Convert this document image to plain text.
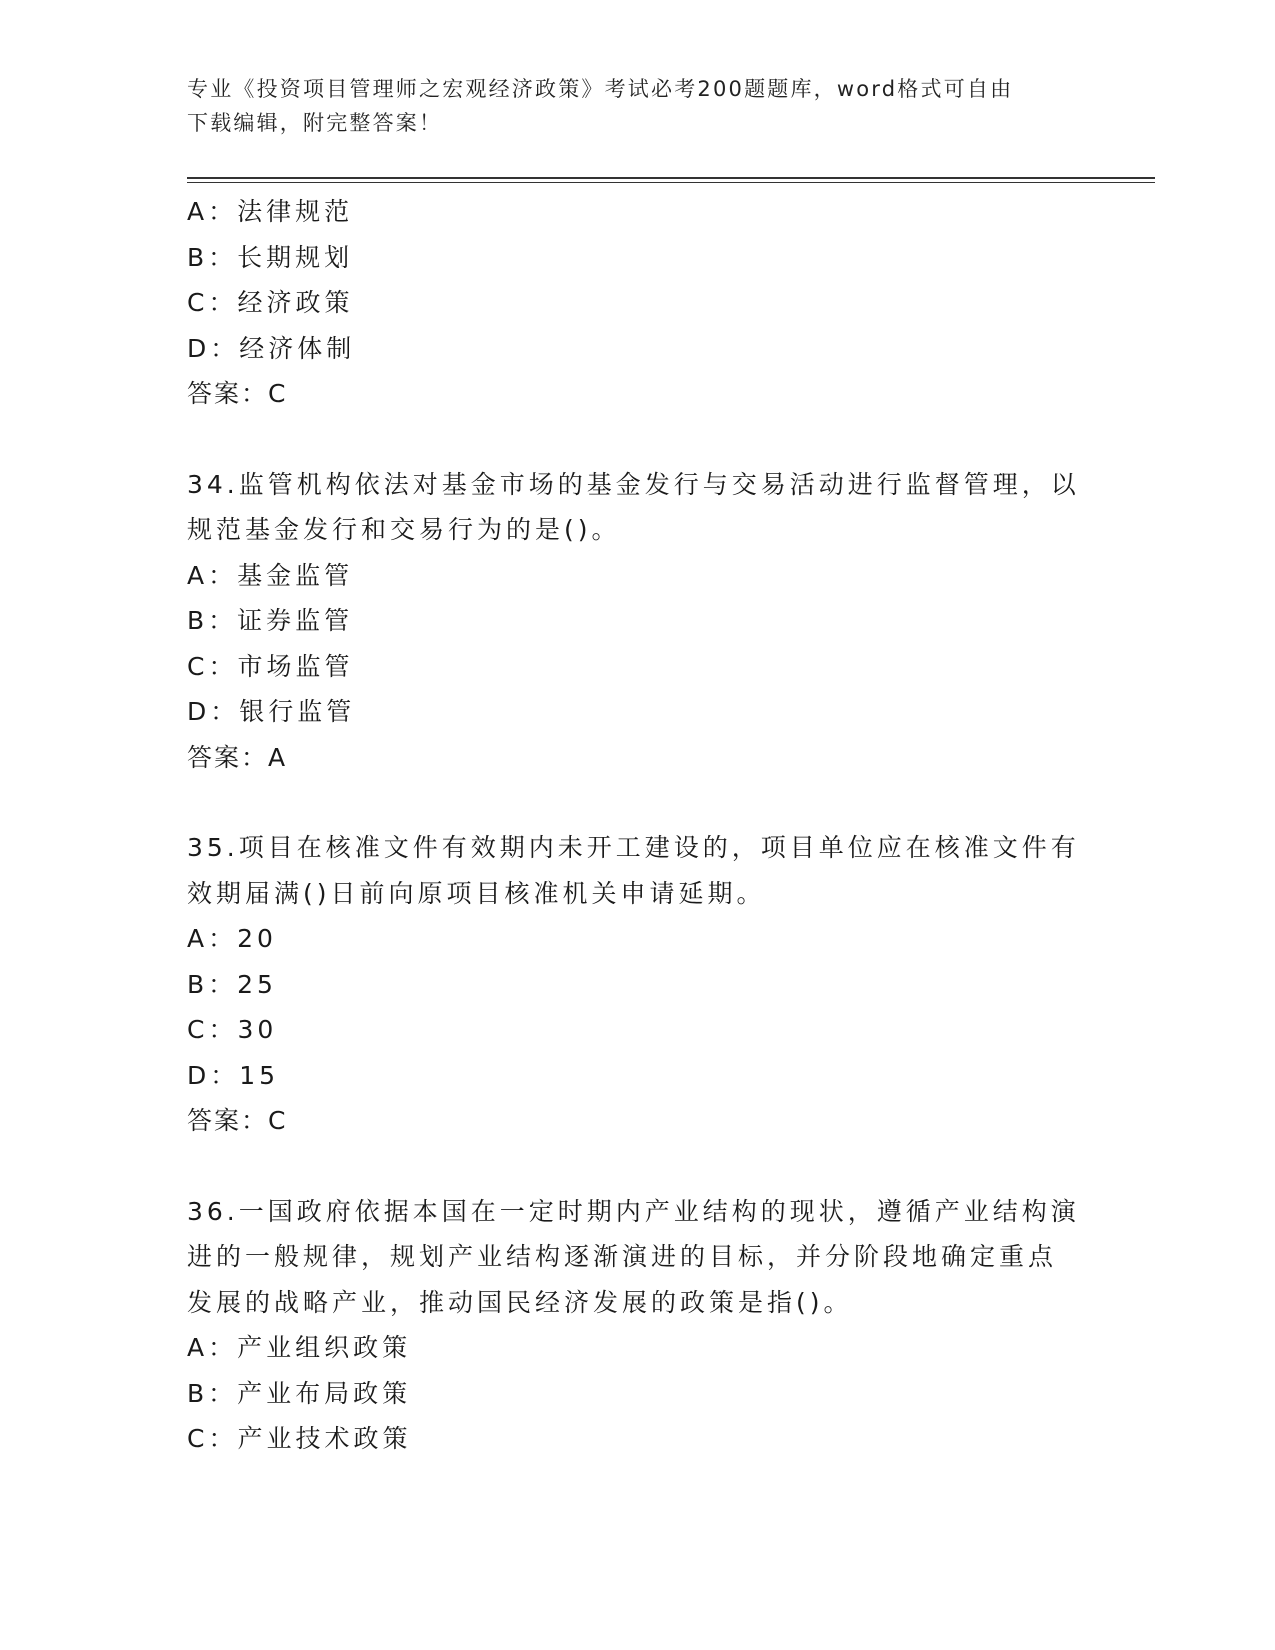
专业《投资项目管理师之宏观经济政策》考试必考200题题库，word格式可自由
下载编辑，附完整答案！
A：法律规范
B：长期规划
C：经济政策
D：经济体制
答案：C
34.监管机构依法对基金市场的基金发行与交易活动进行监督管理，以
规范基金发行和交易行为的是()。
A：基金监管
B：证券监管
C：市场监管
D：银行监管
答案：A
35.项目在核准文件有效期内未开工建设的，项目单位应在核准文件有
效期届满()日前向原项目核准机关申请延期。
A：20
B：25
C：30
D：15
答案：C
36.一国政府依据本国在一定时期内产业结构的现状，遵循产业结构演
进的一般规律，规划产业结构逐渐演进的目标，并分阶段地确定重点
发展的战略产业，推动国民经济发展的政策是指()。
A：产业组织政策
B：产业布局政策
C：产业技术政策
